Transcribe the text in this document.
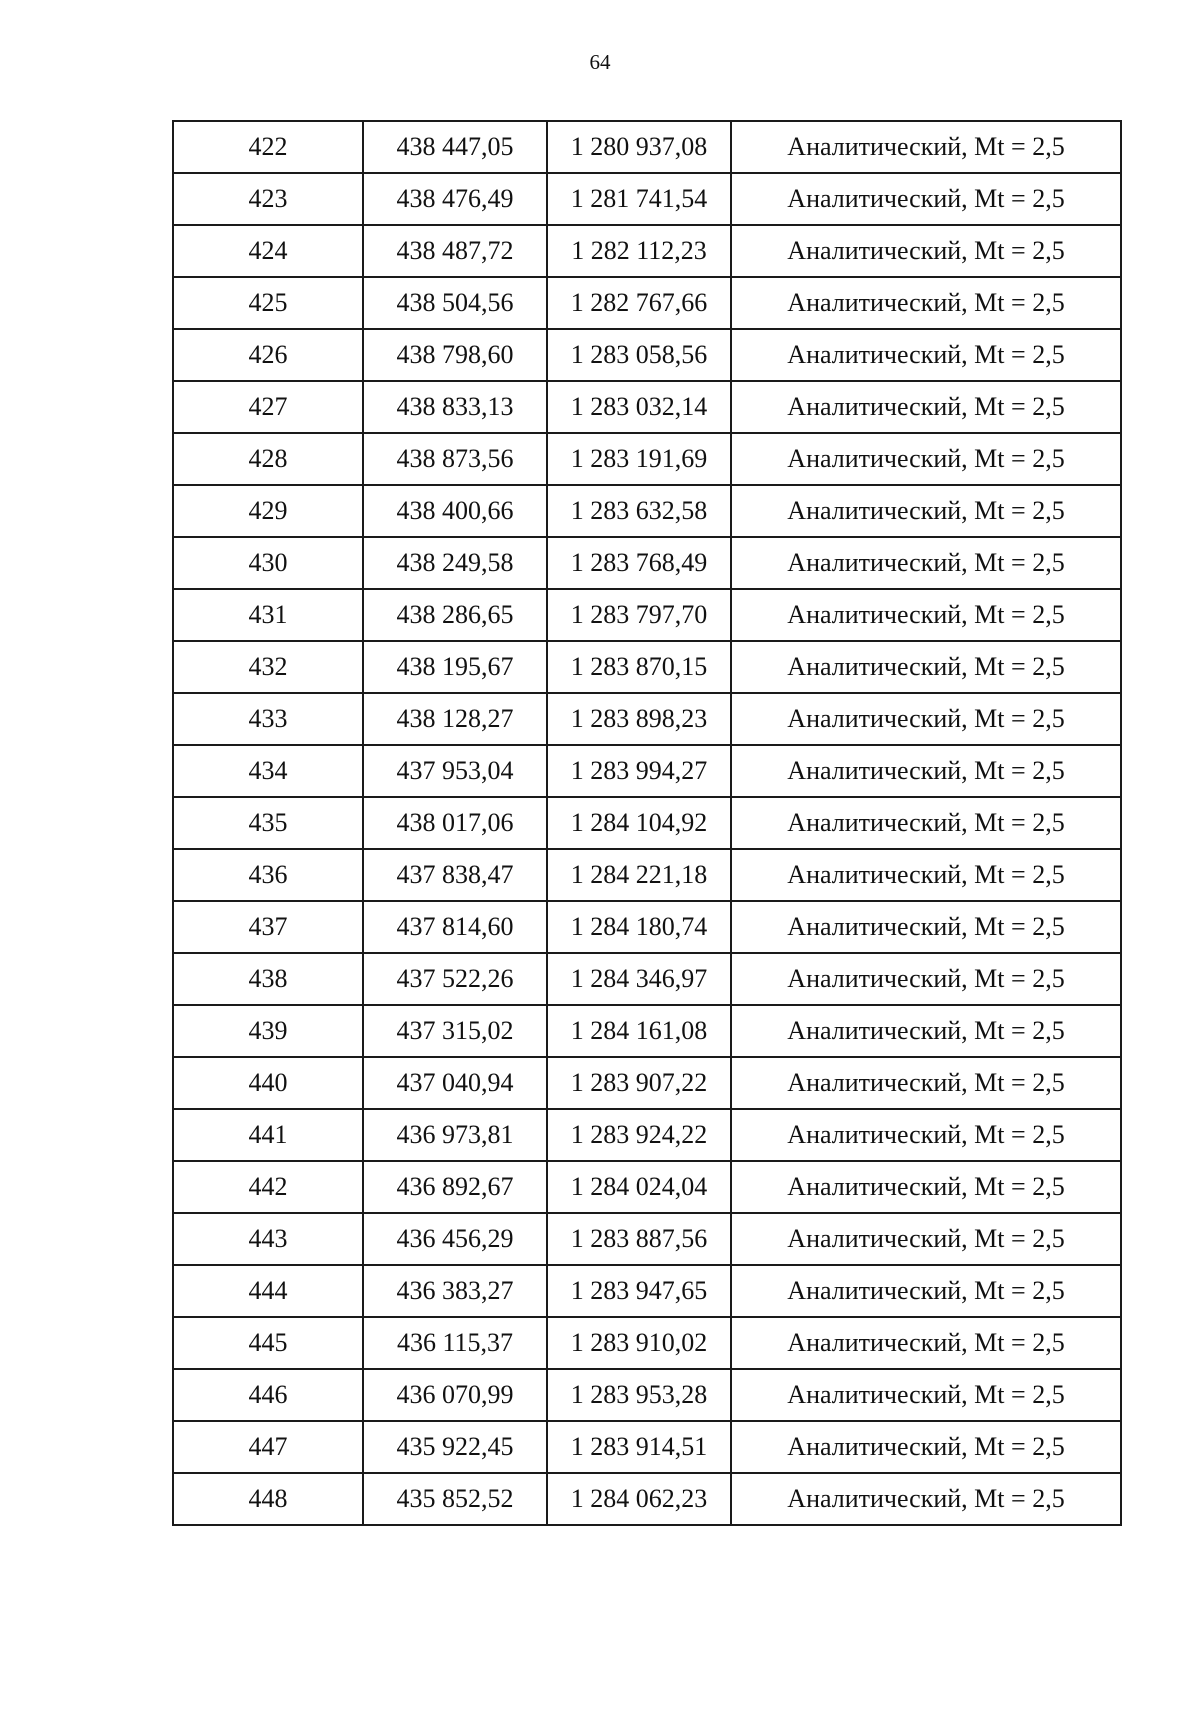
64
422	438 447,05	1 280 937,08	Аналитический, Mt = 2,5
423	438 476,49	1 281 741,54	Аналитический, Mt = 2,5
424	438 487,72	1 282 112,23	Аналитический, Mt = 2,5
425	438 504,56	1 282 767,66	Аналитический, Mt = 2,5
426	438 798,60	1 283 058,56	Аналитический, Mt = 2,5
427	438 833,13	1 283 032,14	Аналитический, Mt = 2,5
428	438 873,56	1 283 191,69	Аналитический, Mt = 2,5
429	438 400,66	1 283 632,58	Аналитический, Mt = 2,5
430	438 249,58	1 283 768,49	Аналитический, Mt = 2,5
431	438 286,65	1 283 797,70	Аналитический, Mt = 2,5
432	438 195,67	1 283 870,15	Аналитический, Mt = 2,5
433	438 128,27	1 283 898,23	Аналитический, Mt = 2,5
434	437 953,04	1 283 994,27	Аналитический, Mt = 2,5
435	438 017,06	1 284 104,92	Аналитический, Mt = 2,5
436	437 838,47	1 284 221,18	Аналитический, Mt = 2,5
437	437 814,60	1 284 180,74	Аналитический, Mt = 2,5
438	437 522,26	1 284 346,97	Аналитический, Mt = 2,5
439	437 315,02	1 284 161,08	Аналитический, Mt = 2,5
440	437 040,94	1 283 907,22	Аналитический, Mt = 2,5
441	436 973,81	1 283 924,22	Аналитический, Mt = 2,5
442	436 892,67	1 284 024,04	Аналитический, Mt = 2,5
443	436 456,29	1 283 887,56	Аналитический, Mt = 2,5
444	436 383,27	1 283 947,65	Аналитический, Mt = 2,5
445	436 115,37	1 283 910,02	Аналитический, Mt = 2,5
446	436 070,99	1 283 953,28	Аналитический, Mt = 2,5
447	435 922,45	1 283 914,51	Аналитический, Mt = 2,5
448	435 852,52	1 284 062,23	Аналитический, Mt = 2,5
